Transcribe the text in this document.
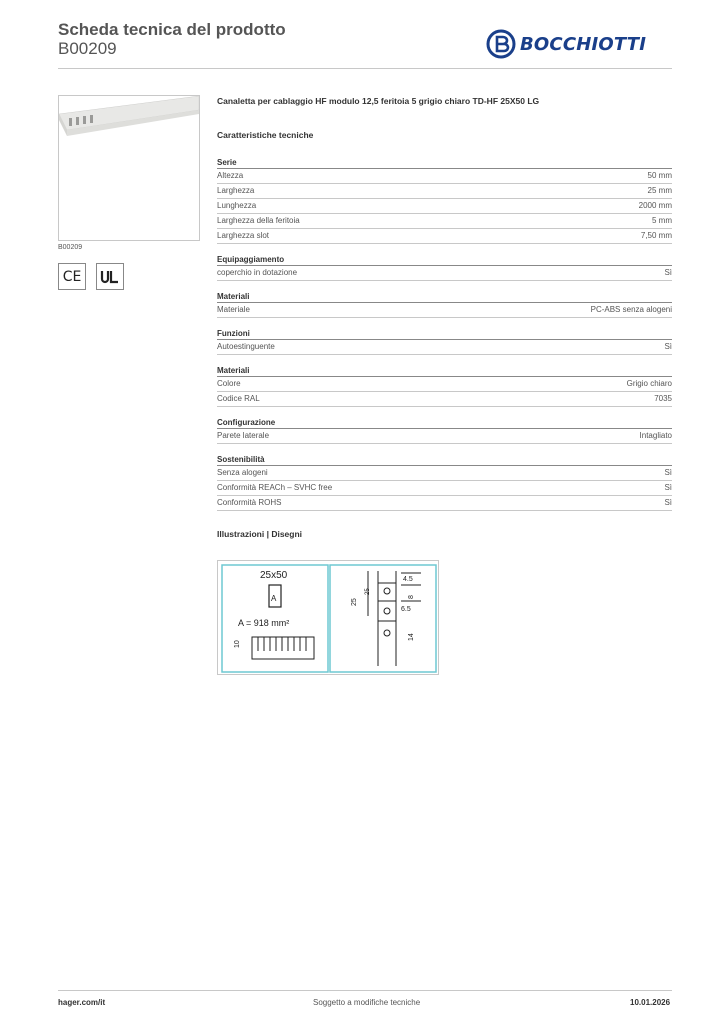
Scheda tecnica del prodotto
B00209	BOCCHIOTTI
B00209
CE
Canaletta per cablaggio HF modulo 12,5 feritoia 5 grigio chiaro TD-HF 25X50 LG
Caratteristiche tecniche
Serie
Altezza	50 mm
Larghezza	25 mm
Lunghezza	2000 mm
Larghezza della feritoia	5 mm
Larghezza slot	7,50 mm
Equipaggiamento
coperchio in dotazione	Sì
Materiali
Materiale	PC-ABS senza alogeni
Funzioni
Autoestinguente	Sì
Materiali
Colore	Grigio chiaro
Codice RAL	7035
Configurazione
Parete laterale	Intagliato
Sostenibilità
Senza alogeni	Sì
Conformità REACh – SVHC free	Sì
Conformità ROHS	Sì
Illustrazioni | Disegni
25x50
A
A = 918 mm²
10
4.5
25
25
8
6.5
14
hager.com/it	Soggetto a modifiche tecniche	10.01.2026
